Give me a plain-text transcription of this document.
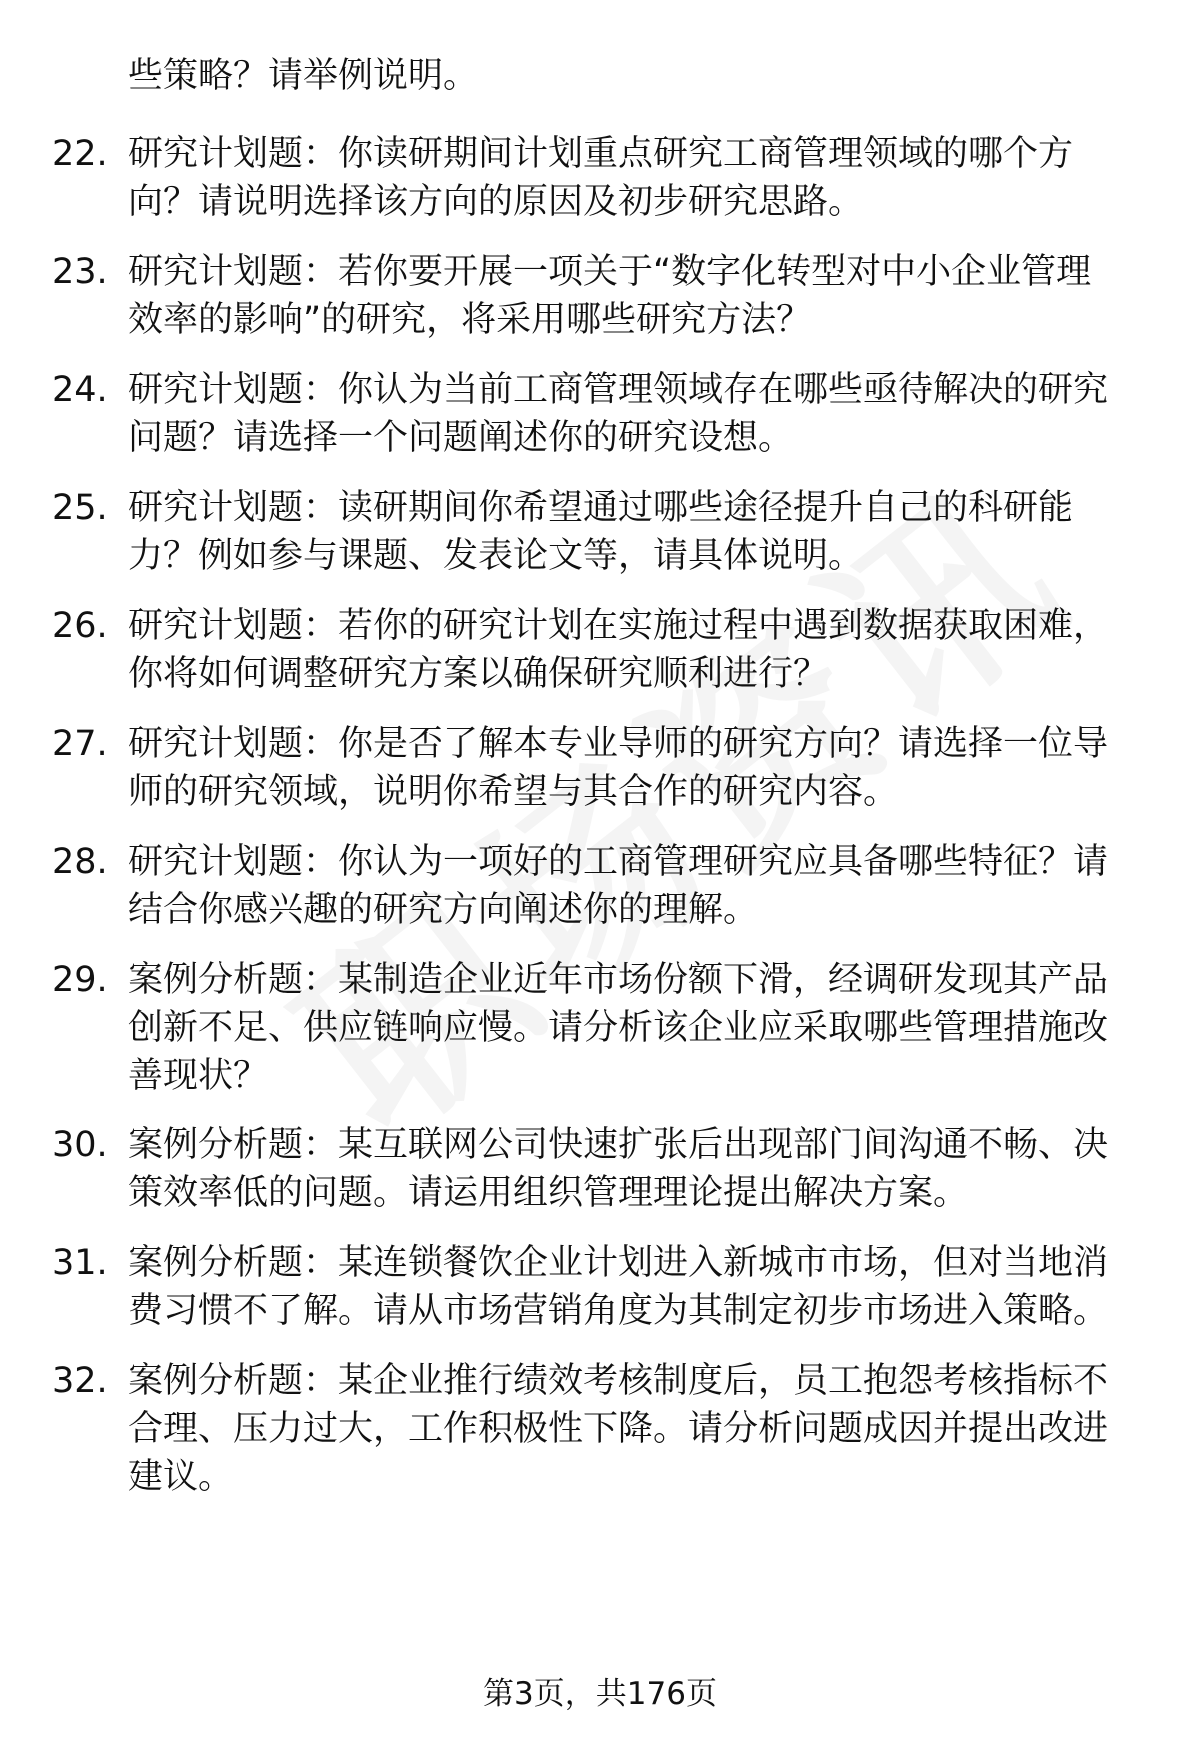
些策略？请举例说明。
22. 研究计划题：你读研期间计划重点研究工商管理领域的哪个方
向？请说明选择该方向的原因及初步研究思路。
23. 研究计划题：若你要开展一项关于“数字化转型对中小企业管理
效率的影响”的研究，将采用哪些研究方法？
24. 研究计划题：你认为当前工商管理领域存在哪些亟待解决的研究
问题？请选择一个问题阐述你的研究设想。
25. 研究计划题：读研期间你希望通过哪些途径提升自己的科研能
力？例如参与课题、发表论文等，请具体说明。
26. 研究计划题：若你的研究计划在实施过程中遇到数据获取困难，
你将如何调整研究方案以确保研究顺利进行？
27. 研究计划题：你是否了解本专业导师的研究方向？请选择一位导
师的研究领域，说明你希望与其合作的研究内容。
28. 研究计划题：你认为一项好的工商管理研究应具备哪些特征？请
结合你感兴趣的研究方向阐述你的理解。
29. 案例分析题：某制造企业近年市场份额下滑，经调研发现其产品
创新不足、供应链响应慢。请分析该企业应采取哪些管理措施改
善现状？
30. 案例分析题：某互联网公司快速扩张后出现部门间沟通不畅、决
策效率低的问题。请运用组织管理理论提出解决方案。
31. 案例分析题：某连锁餐饮企业计划进入新城市市场，但对当地消
费习惯不了解。请从市场营销角度为其制定初步市场进入策略。
32. 案例分析题：某企业推行绩效考核制度后，员工抱怨考核指标不
合理、压力过大，工作积极性下降。请分析问题成因并提出改进
建议。
第3页，共176页
